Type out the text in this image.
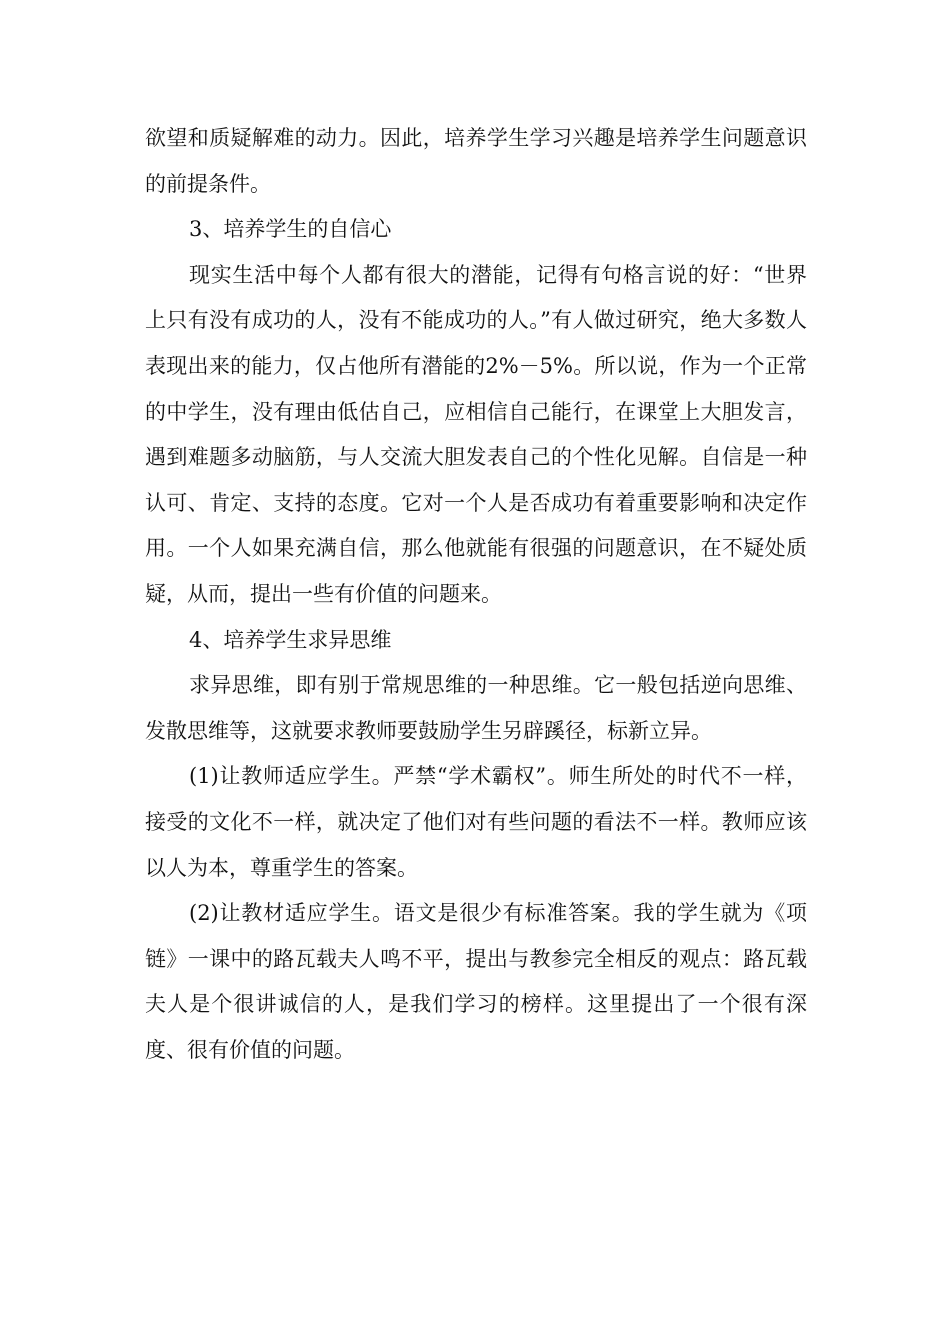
欲望和质疑解难的动力。因此，培养学生学习兴趣是培养学生问题意识的前提条件。

3、培养学生的自信心

现实生活中每个人都有很大的潜能，记得有句格言说的好：“世界上只有没有成功的人，没有不能成功的人。”有人做过研究，绝大多数人表现出来的能力，仅占他所有潜能的2%－5%。所以说，作为一个正常的中学生，没有理由低估自己，应相信自己能行，在课堂上大胆发言，遇到难题多动脑筋，与人交流大胆发表自己的个性化见解。自信是一种认可、肯定、支持的态度。它对一个人是否成功有着重要影响和决定作用。一个人如果充满自信，那么他就能有很强的问题意识，在不疑处质疑，从而，提出一些有价值的问题来。

4、培养学生求异思维

求异思维，即有别于常规思维的一种思维。它一般包括逆向思维、发散思维等，这就要求教师要鼓励学生另辟蹊径，标新立异。

(1)让教师适应学生。严禁“学术霸权”。师生所处的时代不一样，接受的文化不一样，就决定了他们对有些问题的看法不一样。教师应该以人为本，尊重学生的答案。

(2)让教材适应学生。语文是很少有标准答案。我的学生就为《项链》一课中的路瓦载夫人鸣不平，提出与教参完全相反的观点：路瓦载夫人是个很讲诚信的人，是我们学习的榜样。这里提出了一个很有深度、很有价值的问题。
